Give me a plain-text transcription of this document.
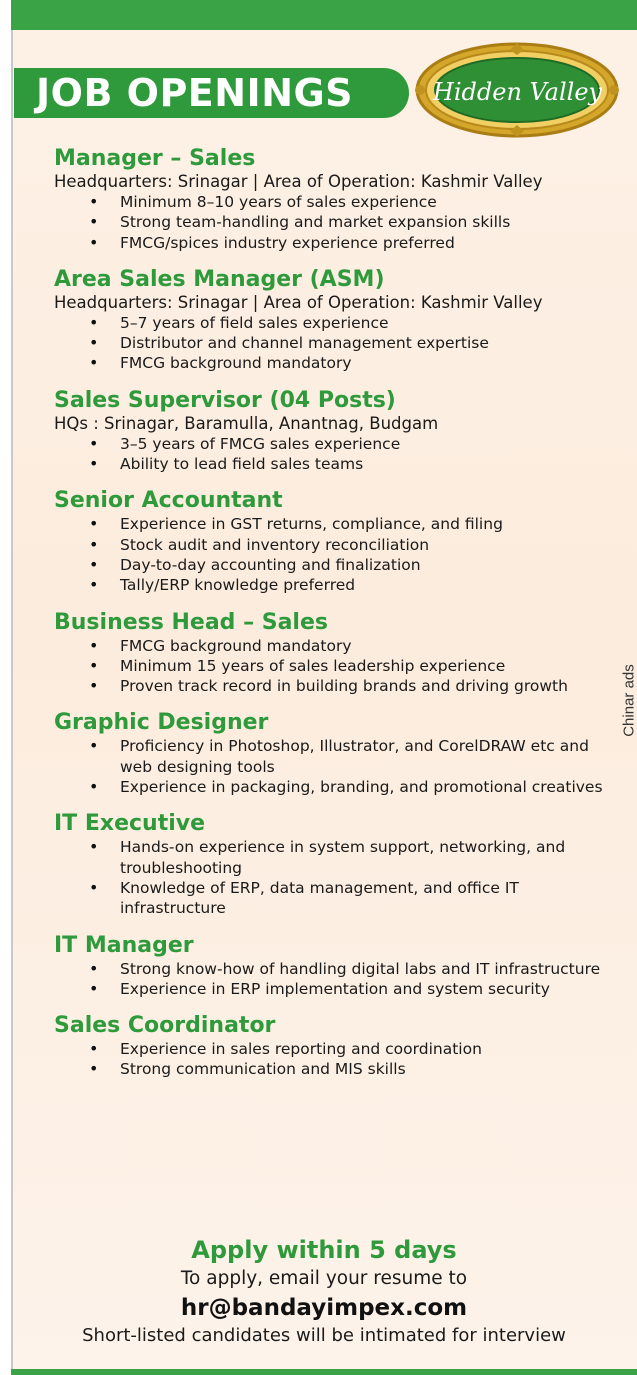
JOB OPENINGS	Hidden Valley
Manager – Sales
Headquarters: Srinagar | Area of Operation: Kashmir Valley
• Minimum 8–10 years of sales experience
• Strong team-handling and market expansion skills
• FMCG/spices industry experience preferred
Area Sales Manager (ASM)
Headquarters: Srinagar | Area of Operation: Kashmir Valley
• 5–7 years of field sales experience
• Distributor and channel management expertise
• FMCG background mandatory
Sales Supervisor (04 Posts)
HQs : Srinagar, Baramulla, Anantnag, Budgam
• 3–5 years of FMCG sales experience
• Ability to lead field sales teams
Senior Accountant
• Experience in GST returns, compliance, and filing
• Stock audit and inventory reconciliation
• Day-to-day accounting and finalization
• Tally/ERP knowledge preferred
Business Head – Sales
• FMCG background mandatory
• Minimum 15 years of sales leadership experience
• Proven track record in building brands and driving growth
Graphic Designer
• Proficiency in Photoshop, Illustrator, and CorelDRAW etc and web designing tools
• Experience in packaging, branding, and promotional creatives
IT Executive
• Hands-on experience in system support, networking, and troubleshooting
• Knowledge of ERP, data management, and office IT infrastructure
IT Manager
• Strong know-how of handling digital labs and IT infrastructure
• Experience in ERP implementation and system security
Sales Coordinator
• Experience in sales reporting and coordination
• Strong communication and MIS skills
Chinar ads
Apply within 5 days
To apply, email your resume to
hr@bandayimpex.com
Short-listed candidates will be intimated for interview
